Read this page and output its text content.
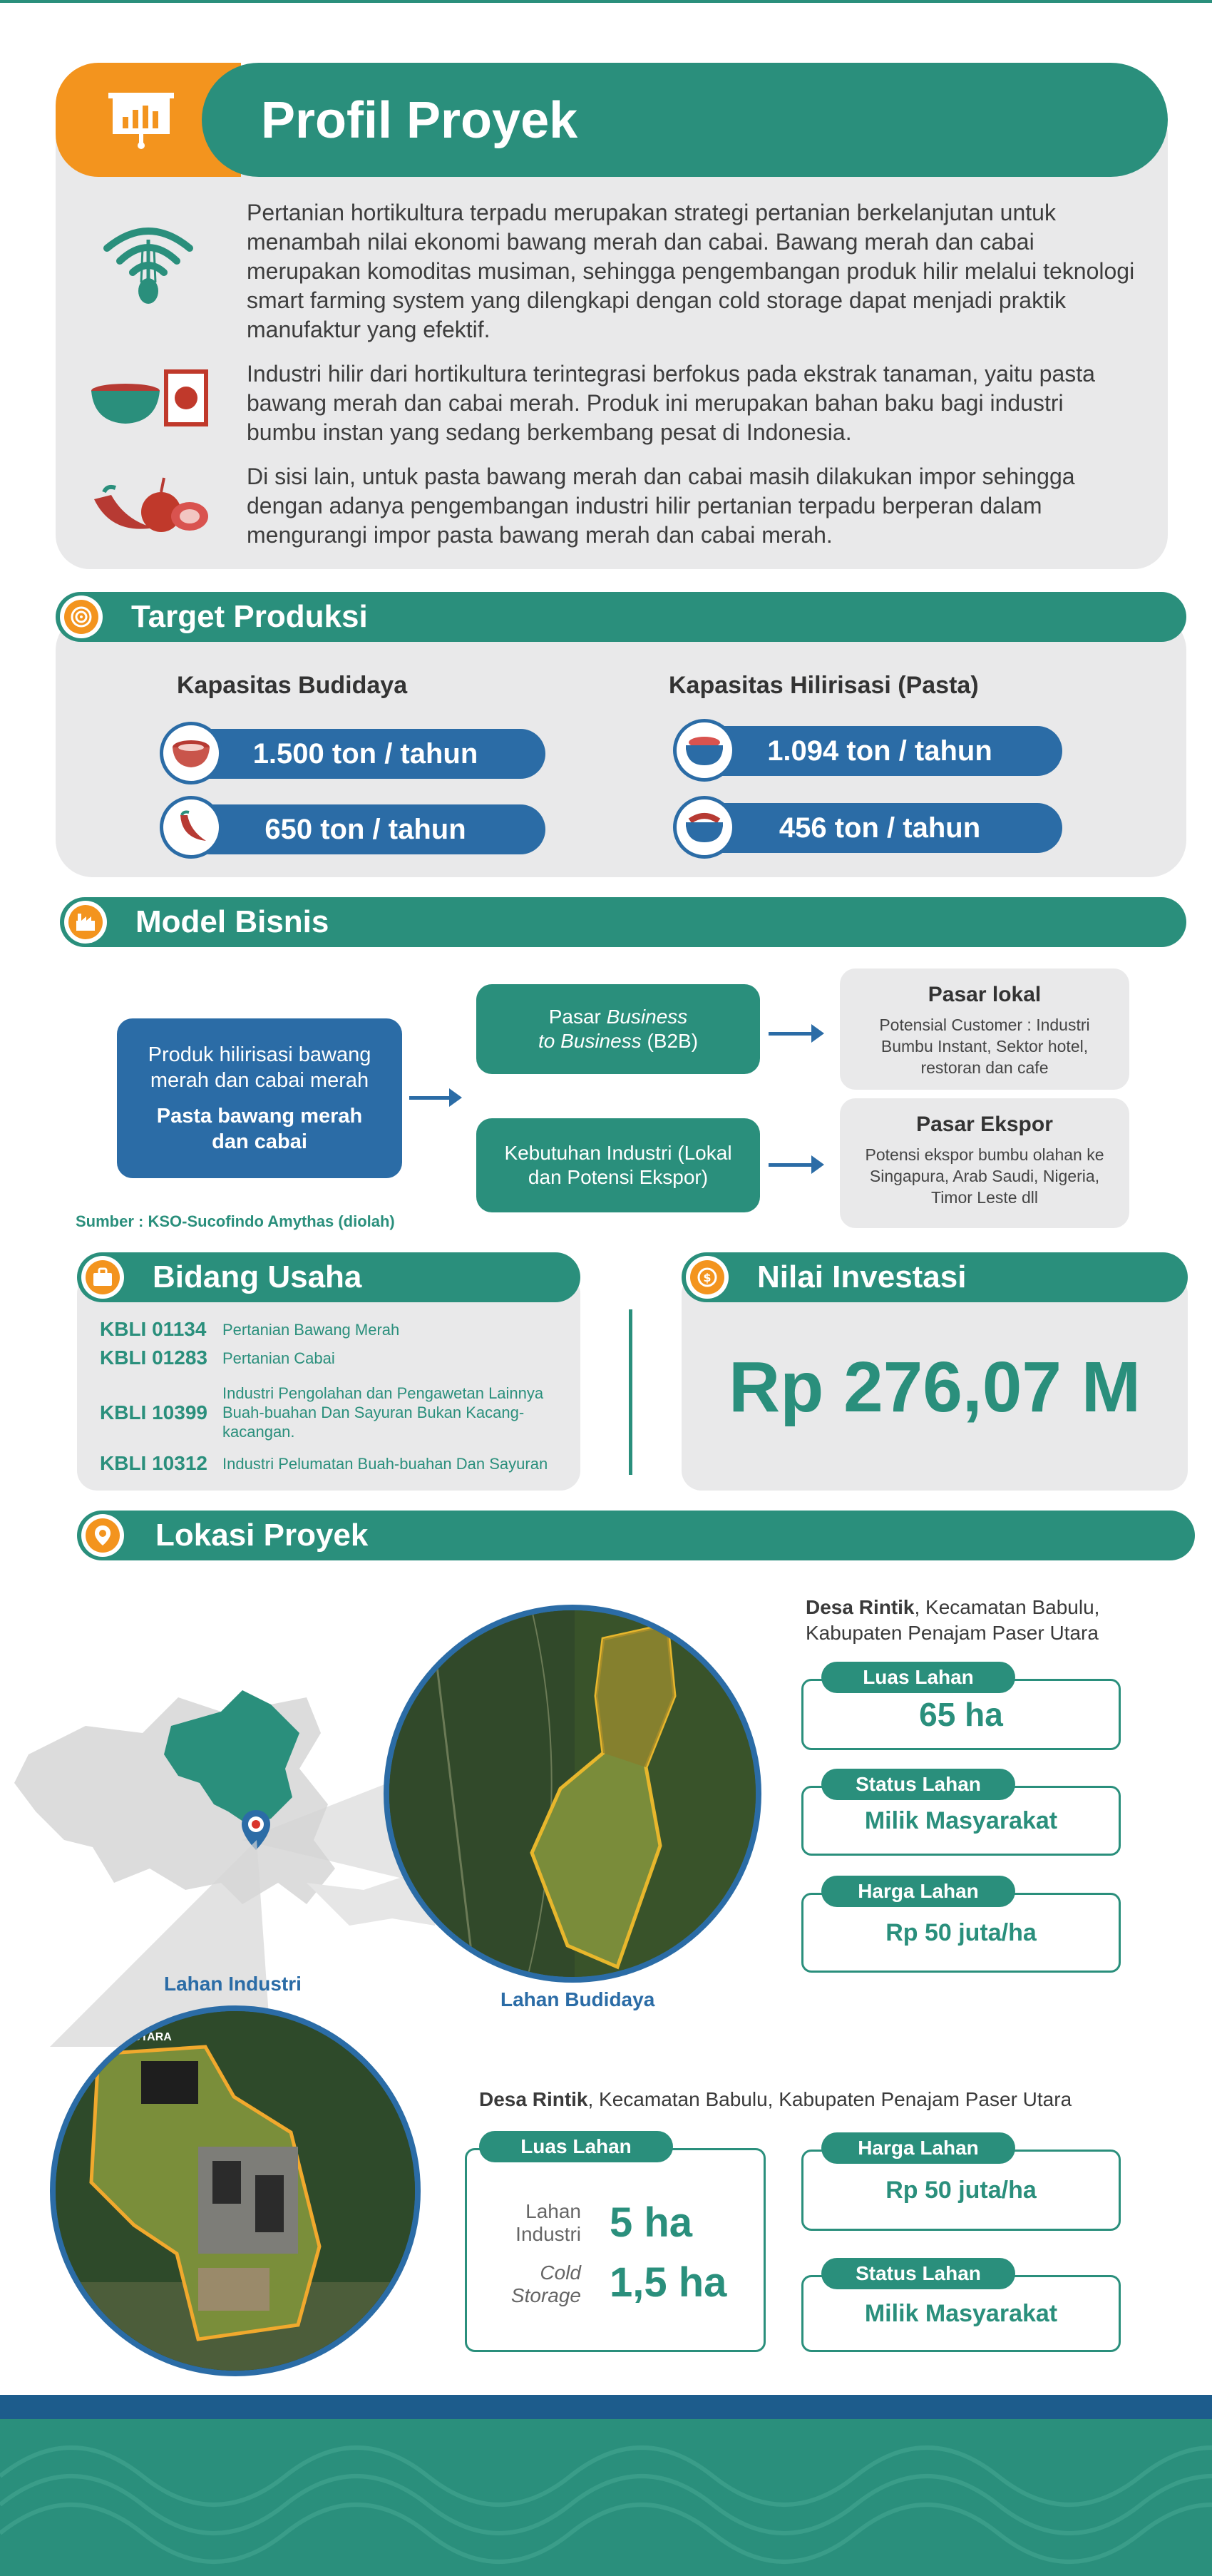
Profil Proyek
Pertanian hortikultura terpadu merupakan strategi pertanian berkelanjutan untuk menambah nilai ekonomi bawang merah dan cabai. Bawang merah dan cabai merupakan komoditas musiman, sehingga pengembangan produk hilir melalui teknologi smart farming system yang dilengkapi dengan cold storage dapat menjadi praktik manufaktur yang efektif.
Industri hilir dari hortikultura terintegrasi berfokus pada ekstrak tanaman, yaitu pasta bawang merah dan cabai merah. Produk ini merupakan bahan baku bagi industri bumbu instan yang sedang berkembang pesat di Indonesia.
Di sisi lain, untuk pasta bawang merah dan cabai masih dilakukan impor sehingga dengan adanya pengembangan industri hilir pertanian terpadu berperan dalam mengurangi impor pasta bawang merah dan cabai merah.
Target Produksi
Kapasitas Budidaya	Kapasitas Hilirisasi (Pasta)
1.500 ton / tahun
650 ton / tahun
1.094 ton / tahun
456 ton / tahun
Model Bisnis
Produk hilirisasi bawang merah dan cabai merah
Pasta bawang merah dan cabai
Pasar Business
to Business (B2B)
Kebutuhan Industri (Lokal dan Potensi Ekspor)
Pasar lokal
Potensial Customer : Industri Bumbu Instant, Sektor hotel, restoran dan cafe
Pasar Ekspor
Potensi ekspor bumbu olahan ke Singapura, Arab Saudi, Nigeria, Timor Leste dll
Sumber : KSO-Sucofindo Amythas (diolah)
Bidang Usaha
KBLI 01134	Pertanian Bawang Merah
KBLI 01283 Pertanian Cabai
KBLI 10399
Industri Pengolahan dan Pengawetan Lainnya Buah-buahan Dan Sayuran Bukan Kacang-kacangan.
KBLI 10312 Industri Pelumatan Buah-buahan Dan Sayuran
$ Nilai Investasi
Rp 276,07 M
Lokasi Proyek
Lahan Budidaya
Desa Rintik, Kecamatan Babulu, Kabupaten Penajam Paser Utara
65 ha
Luas Lahan
Milik Masyarakat
Status Lahan
Rp 50 juta/ha
Harga Lahan
Lahan Industri
UTARA
Desa Rintik, Kecamatan Babulu, Kabupaten Penajam Paser Utara
Lahan Industri 5 ha
Cold Storage 1,5 ha
Luas Lahan
Rp 50 juta/ha
Harga Lahan
Milik Masyarakat
Status Lahan
